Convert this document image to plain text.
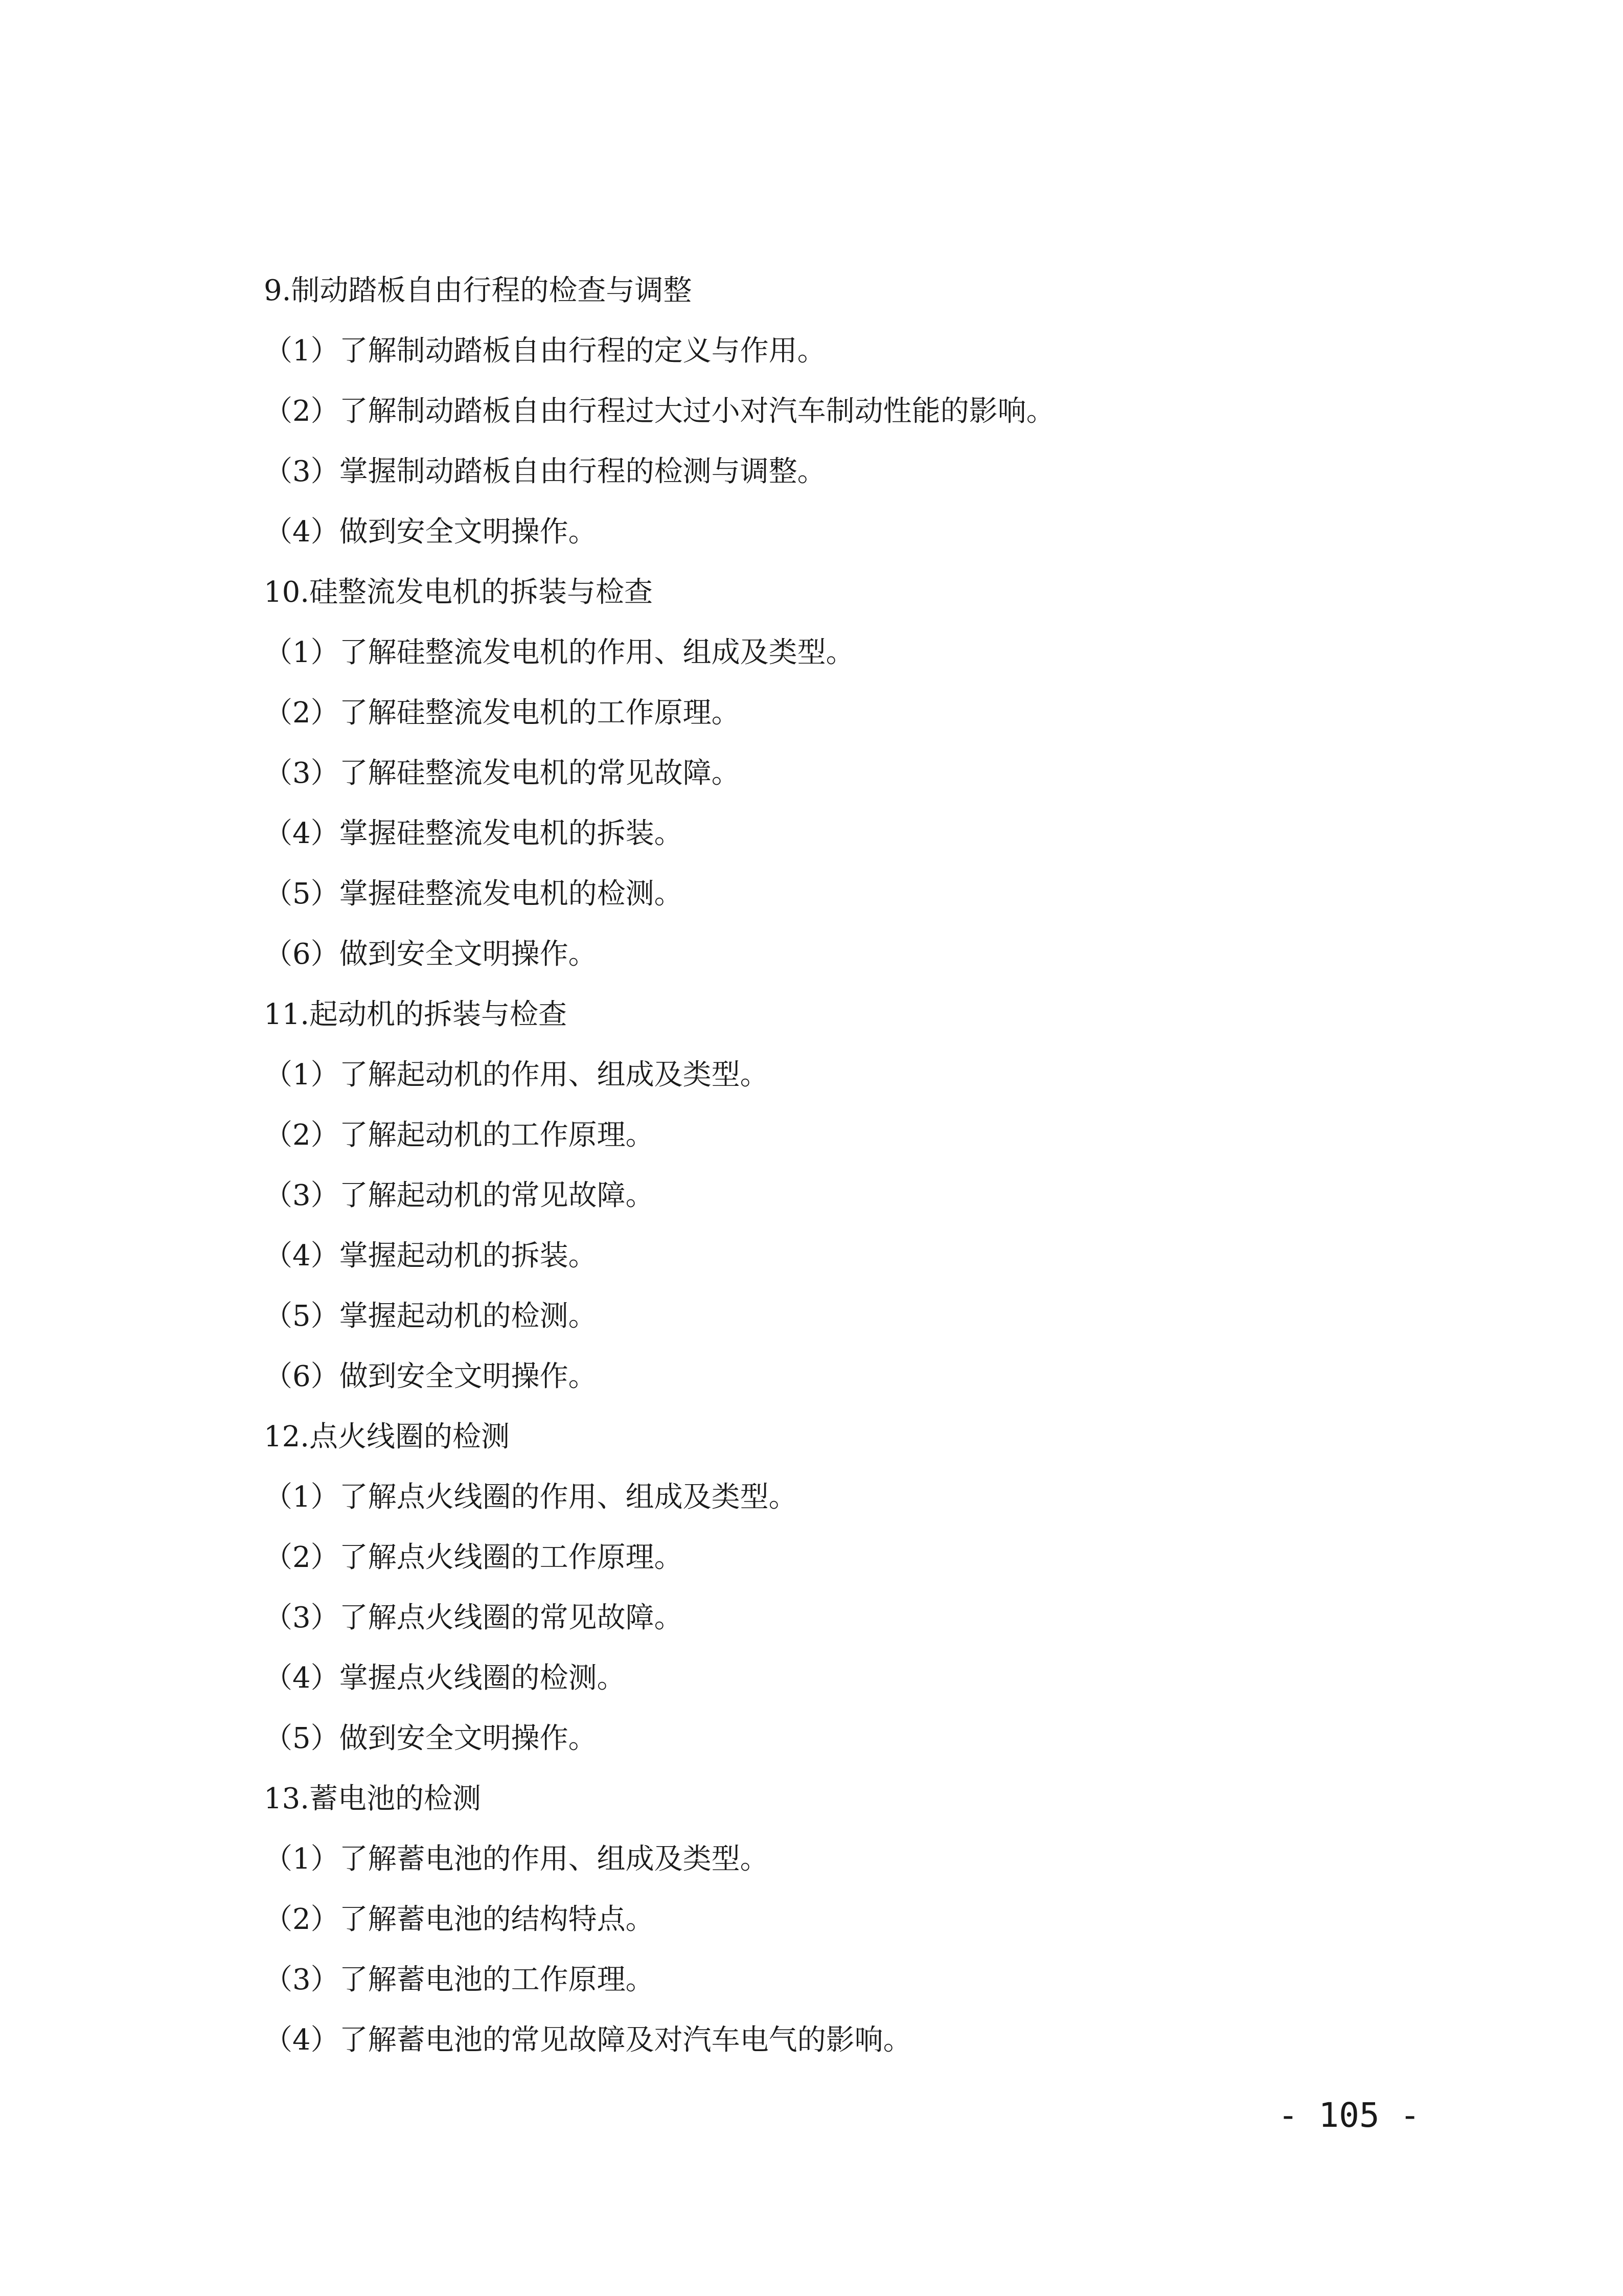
9.制动踏板自由行程的检查与调整
（1）了解制动踏板自由行程的定义与作用。
（2）了解制动踏板自由行程过大过小对汽车制动性能的影响。
（3）掌握制动踏板自由行程的检测与调整。
（4）做到安全文明操作。
10.硅整流发电机的拆装与检查
（1）了解硅整流发电机的作用、组成及类型。
（2）了解硅整流发电机的工作原理。
（3）了解硅整流发电机的常见故障。
（4）掌握硅整流发电机的拆装。
（5）掌握硅整流发电机的检测。
（6）做到安全文明操作。
11.起动机的拆装与检查
（1）了解起动机的作用、组成及类型。
（2）了解起动机的工作原理。
（3）了解起动机的常见故障。
（4）掌握起动机的拆装。
（5）掌握起动机的检测。
（6）做到安全文明操作。
12.点火线圈的检测
（1）了解点火线圈的作用、组成及类型。
（2）了解点火线圈的工作原理。
（3）了解点火线圈的常见故障。
（4）掌握点火线圈的检测。
（5）做到安全文明操作。
13.蓄电池的检测
（1）了解蓄电池的作用、组成及类型。
（2）了解蓄电池的结构特点。
（3）了解蓄电池的工作原理。
（4）了解蓄电池的常见故障及对汽车电气的影响。
- 105 -
